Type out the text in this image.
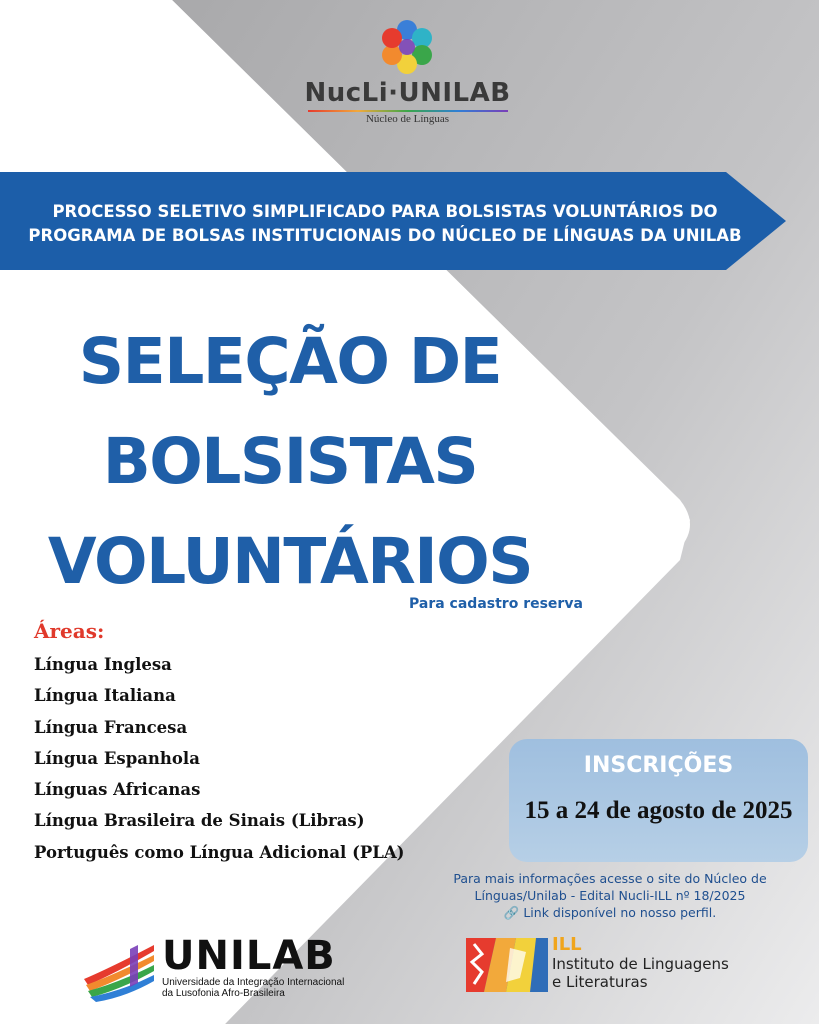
NucLi·UNILAB
Núcleo de Línguas
PROCESSO SELETIVO SIMPLIFICADO PARA BOLSISTAS VOLUNTÁRIOS DO
PROGRAMA DE BOLSAS INSTITUCIONAIS DO NÚCLEO DE LÍNGUAS DA UNILAB
SELEÇÃO DE
BOLSISTAS
VOLUNTÁRIOS
Para cadastro reserva
Áreas:
Língua Inglesa
Língua Italiana
Língua Francesa
Língua Espanhola
Línguas Africanas
Língua Brasileira de Sinais (Libras)
Português como Língua Adicional (PLA)
INSCRIÇÕES
15 a 24 de agosto de 2025
Para mais informações acesse o site do Núcleo de
Línguas/Unilab - Edital Nucli-ILL nº 18/2025
🔗 Link disponível no nosso perfil.
UNILAB
Universidade da Integração Internacional
da Lusofonia Afro-Brasileira
ILL
Instituto de Linguagens
e Literaturas
